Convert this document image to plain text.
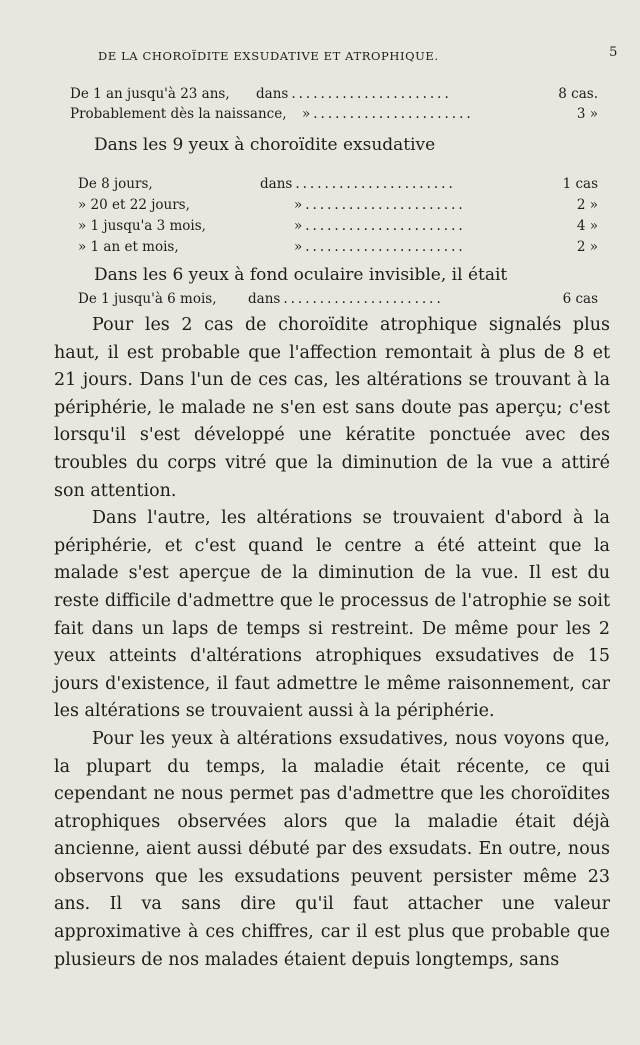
DE LA CHOROÏDITE EXSUDATIVE ET ATROPHIQUE.	5
De 1 an jusqu'à 23 ans,	dans ......................	8 cas.
Probablement dès la naissance,	» ......................	3 »
Dans les 9 yeux à choroïdite exsudative
De 8 jours,	dans ......................	1 cas
» 20 et 22 jours,	» ......................	2 »
» 1 jusqu'a 3 mois,	» ......................	4 »
» 1 an et mois,	» ......................	2 »
Dans les 6 yeux à fond oculaire invisible, il était
De 1 jusqu'à 6 mois,	dans ......................	6 cas

Pour les 2 cas de choroïdite atrophique signalés plus haut, il est probable que l'affection remontait à plus de 8 et 21 jours. Dans l'un de ces cas, les altérations se trouvant à la périphérie, le malade ne s'en est sans doute pas aperçu; c'est lorsqu'il s'est développé une kératite ponctuée avec des troubles du corps vitré que la diminution de la vue a attiré son attention.

Dans l'autre, les altérations se trouvaient d'abord à la périphérie, et c'est quand le centre a été atteint que la malade s'est aperçue de la diminution de la vue. Il est du reste difficile d'admettre que le processus de l'atrophie se soit fait dans un laps de temps si restreint. De même pour les 2 yeux atteints d'altérations atrophiques exsudatives de 15 jours d'existence, il faut admettre le même raisonnement, car les altérations se trouvaient aussi à la périphérie.

Pour les yeux à altérations exsudatives, nous voyons que, la plupart du temps, la maladie était récente, ce qui cependant ne nous permet pas d'admettre que les choroïdites atrophiques observées alors que la maladie était déjà ancienne, aient aussi débuté par des exsudats. En outre, nous observons que les exsudations peuvent persister même 23 ans. Il va sans dire qu'il faut attacher une valeur approximative à ces chiffres, car il est plus que probable que plusieurs de nos malades étaient depuis longtemps, sans
